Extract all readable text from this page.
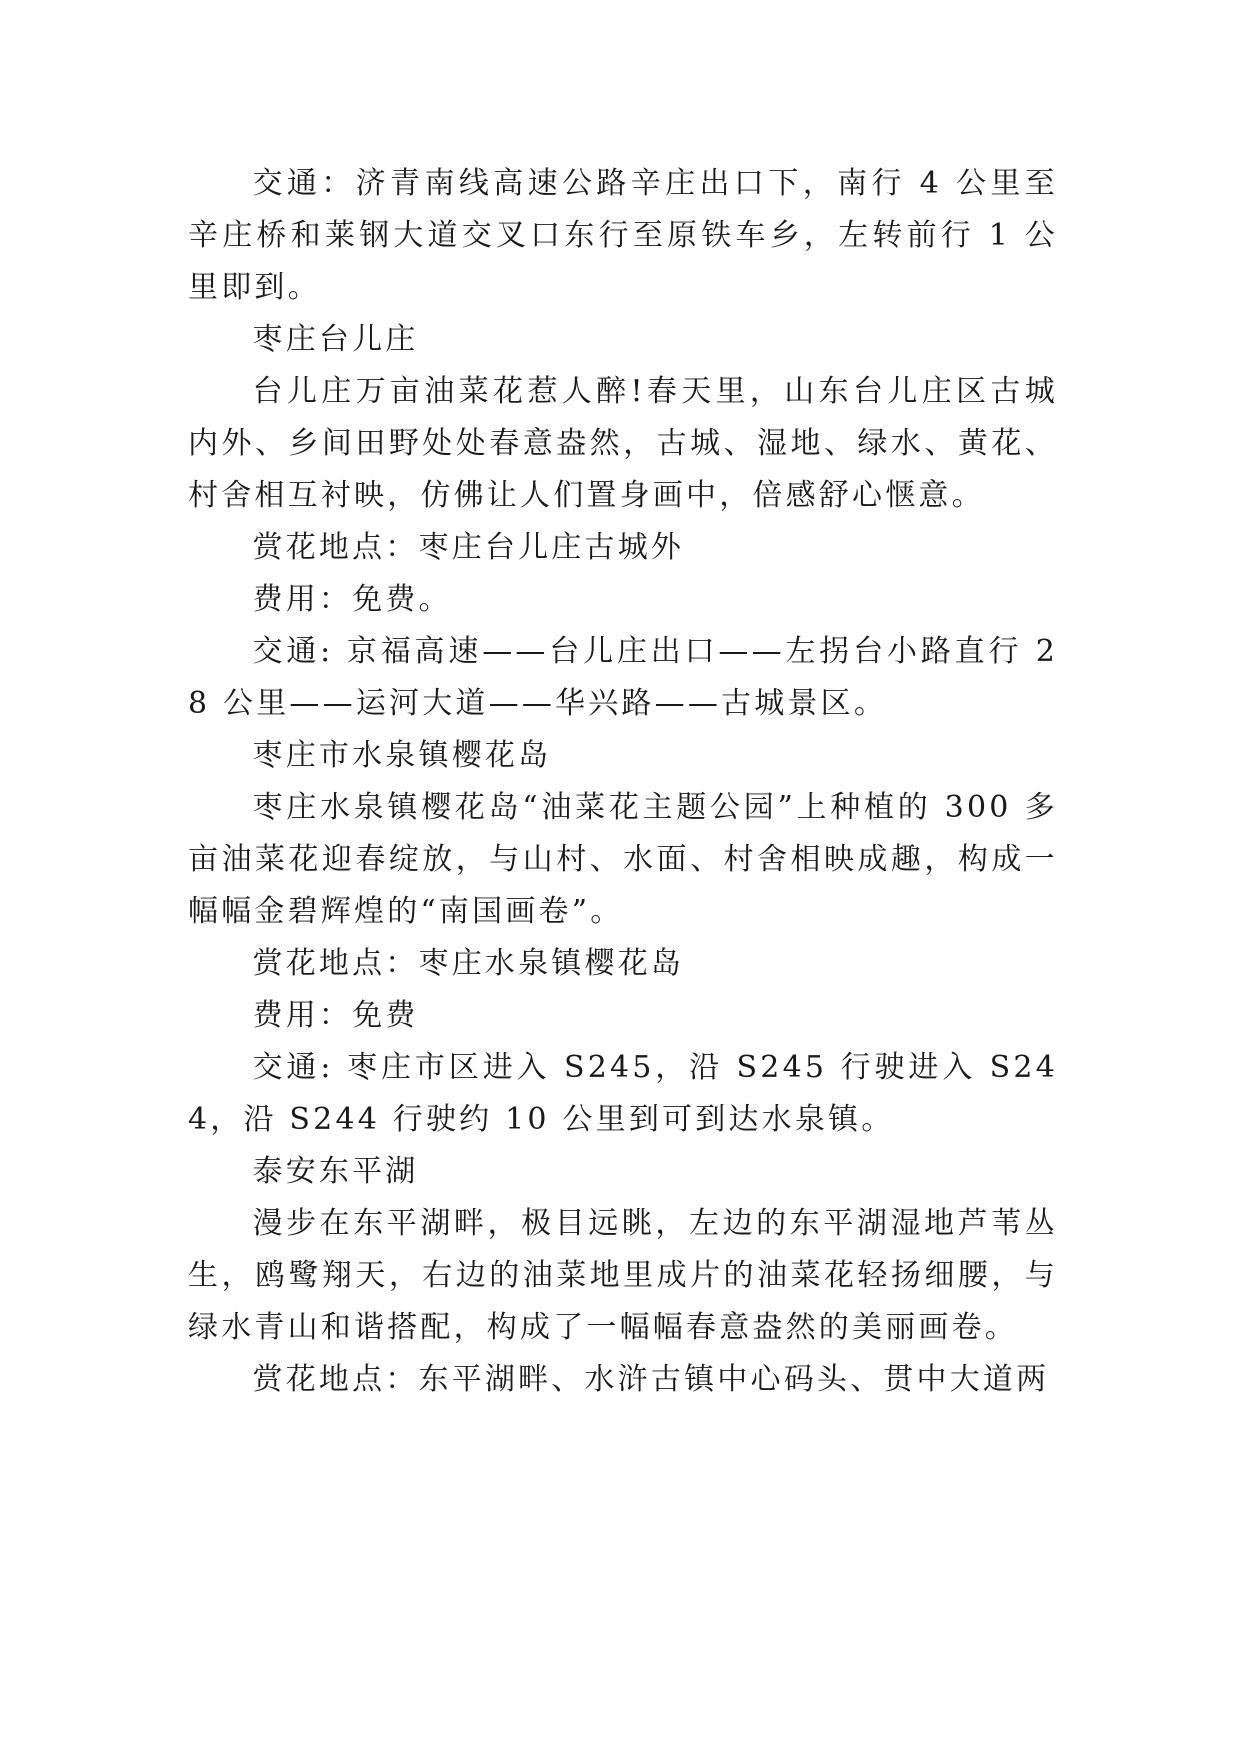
交通：济青南线高速公路辛庄出口下，南行 4 公里至辛庄桥和莱钢大道交叉口东行至原铁车乡，左转前行 1 公里即到。

枣庄台儿庄

台儿庄万亩油菜花惹人醉!春天里，山东台儿庄区古城内外、乡间田野处处春意盎然，古城、湿地、绿水、黄花、村舍相互衬映，仿佛让人们置身画中，倍感舒心惬意。

赏花地点：枣庄台儿庄古城外

费用：免费。

交通: 京福高速——台儿庄出口——左拐台小路直行 28 公里——运河大道——华兴路——古城景区。

枣庄市水泉镇樱花岛

枣庄水泉镇樱花岛“油菜花主题公园”上种植的 300 多亩油菜花迎春绽放，与山村、水面、村舍相映成趣，构成一幅幅金碧辉煌的“南国画卷”。

赏花地点：枣庄水泉镇樱花岛

费用：免费

交通: 枣庄市区进入 S245，沿 S245 行驶进入 S244，沿 S244 行驶约 10 公里到可到达水泉镇。

泰安东平湖

漫步在东平湖畔，极目远眺，左边的东平湖湿地芦苇丛生，鸥鹭翔天，右边的油菜地里成片的油菜花轻扬细腰，与绿水青山和谐搭配，构成了一幅幅春意盎然的美丽画卷。

赏花地点：东平湖畔、水浒古镇中心码头、贯中大道两
